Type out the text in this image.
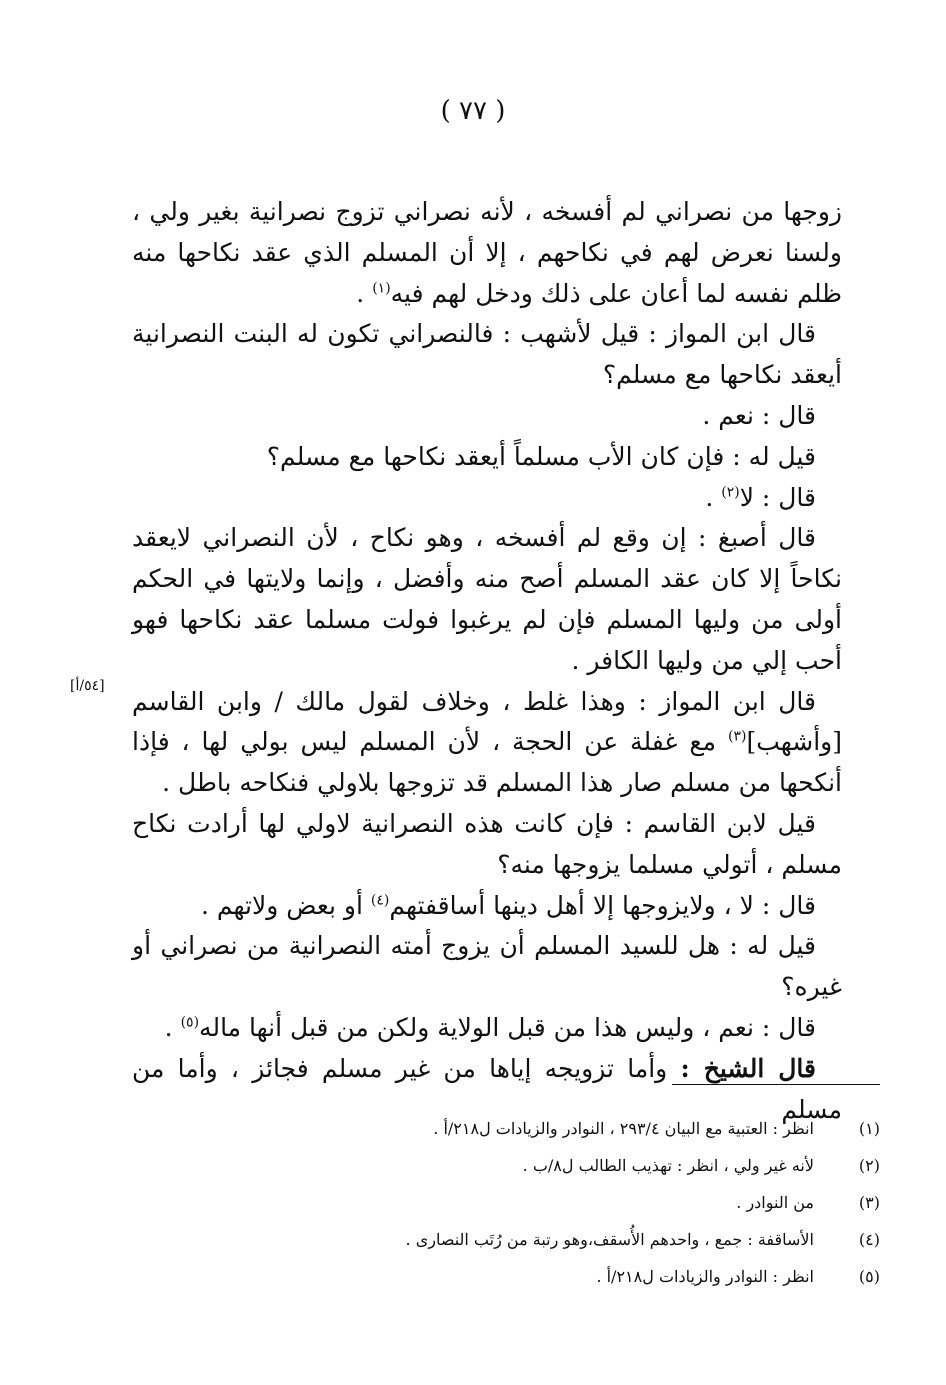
( ٧٧ )
[٥٤/أ]

زوجها من نصراني لم أفسخه ، لأنه نصراني تزوج نصرانية بغير ولي ، ولسنا نعرض لهم في نكاحهم ، إلا أن المسلم الذي عقد نكاحها منه ظلم نفسه لما أعان على ذلك ودخل لهم فيه$^{(١)}$ .

قال ابن المواز : قيل لأشهب : فالنصراني تكون له البنت النصرانية أيعقد نكاحها مع مسلم؟

قال : نعم .

قيل له : فإن كان الأب مسلماً أيعقد نكاحها مع مسلم؟

قال : لا$^{(٢)}$ .

قال أصبغ : إن وقع لم أفسخه ، وهو نكاح ، لأن النصراني لايعقد نكاحاً إلا كان عقد المسلم أصح منه وأفضل ، وإنما ولايتها في الحكم أولى من وليها المسلم فإن لم يرغبوا فولت مسلما عقد نكاحها فهو أحب إلي من وليها الكافر .

قال ابن المواز : وهذا غلط ، وخلاف لقول مالك / وابن القاسم [وأشهب]$^{(٣)}$ مع غفلة عن الحجة ، لأن المسلم ليس بولي لها ، فإذا أنكحها من مسلم صار هذا المسلم قد تزوجها بلاولي فنكاحه باطل .

قيل لابن القاسم : فإن كانت هذه النصرانية لاولي لها أرادت نكاح مسلم ، أتولي مسلما يزوجها منه؟

قال : لا ، ولايزوجها إلا أهل دينها أساقفتهم$^{(٤)}$ أو بعض ولاتهم .

قيل له : هل للسيد المسلم أن يزوج أمته النصرانية من نصراني أو غيره؟

قال : نعم ، وليس هذا من قبل الولاية ولكن من قبل أنها ماله$^{(٥)}$ .

قال الشيخ : وأما تزويجه إياها من غير مسلم فجائز ، وأما من مسلم

(١)
انظر : العتبية مع البيان ٢٩٣/٤ ، النوادر والزيادات ل٢١٨/أ .
(٢)
لأنه غير ولي ، انظر : تهذيب الطالب ل٨/ب .
(٣)
من النوادر .
(٤)
الأساقفة : جمع ، واحدهم الأُسقف،وهو رتبة من رُتَب النصارى .
(٥)
انظر : النوادر والزيادات ل٢١٨/أ .
